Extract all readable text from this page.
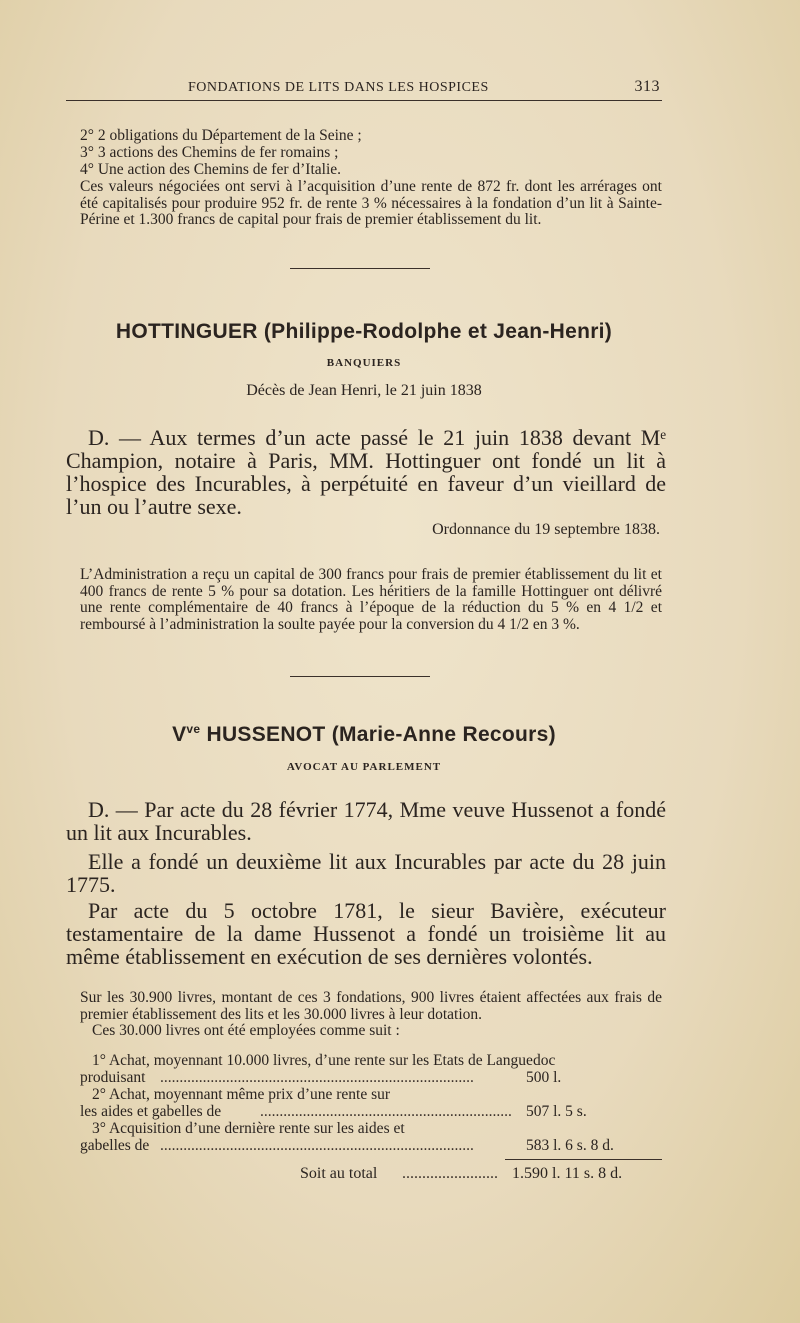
FONDATIONS DE LITS DANS LES HOSPICES	313
2° 2 obligations du Département de la Seine ;
3° 3 actions des Chemins de fer romains ;
4° Une action des Chemins de fer d’Italie.

Ces valeurs négociées ont servi à l’acquisition d’une rente de 872 fr. dont les arrérages ont été capitalisés pour produire 952 fr. de rente 3 % nécessaires à la fondation d’un lit à Sainte-Périne et 1.300 francs de capital pour frais de premier établissement du lit.

HOTTINGUER (Philippe-Rodolphe et Jean-Henri)
BANQUIERS
Décès de Jean Henri, le 21 juin 1838

D. — Aux termes d’un acte passé le 21 juin 1838 devant Mᵉ Champion, notaire à Paris, MM. Hottinguer ont fondé un lit à l’hospice des Incurables, à perpétuité en faveur d’un vieillard de l’un ou l’autre sexe.

Ordonnance du 19 septembre 1838.

L’Administration a reçu un capital de 300 francs pour frais de premier établissement du lit et 400 francs de rente 5 % pour sa dotation. Les héritiers de la famille Hottinguer ont délivré une rente complémentaire de 40 francs à l’époque de la réduction du 5 % en 4 1/2 et remboursé à l’administration la soulte payée pour la conversion du 4 1/2 en 3 %.

$V^{ve}$ HUSSENOT (Marie-Anne Recours)
AVOCAT AU PARLEMENT

D. — Par acte du 28 février 1774, Mme veuve Hussenot a fondé un lit aux Incurables.

Elle a fondé un deuxième lit aux Incurables par acte du 28 juin 1775.

Par acte du 5 octobre 1781, le sieur Bavière, exécuteur testamentaire de la dame Hussenot a fondé un troisième lit au même établissement en exécution de ses dernières volontés.

Sur les 30.900 livres, montant de ces 3 fondations, 900 livres étaient affectées aux frais de premier établissement des lits et les 30.000 livres à leur dotation.

Ces 30.000 livres ont été employées comme suit :

1° Achat, moyennant 10.000 livres, d’une rente sur les Etats de Languedoc
produisant .................................................................................	500 l.
2° Achat, moyennant même prix d’une rente sur
les aides et gabelles de	................................................................. 507 l. 5 s.
3° Acquisition d’une dernière rente sur les aides et
gabelles de .................................................................................	583 l. 6 s. 8 d.
Soit au total ........................ 1.590 l. 11 s. 8 d.
